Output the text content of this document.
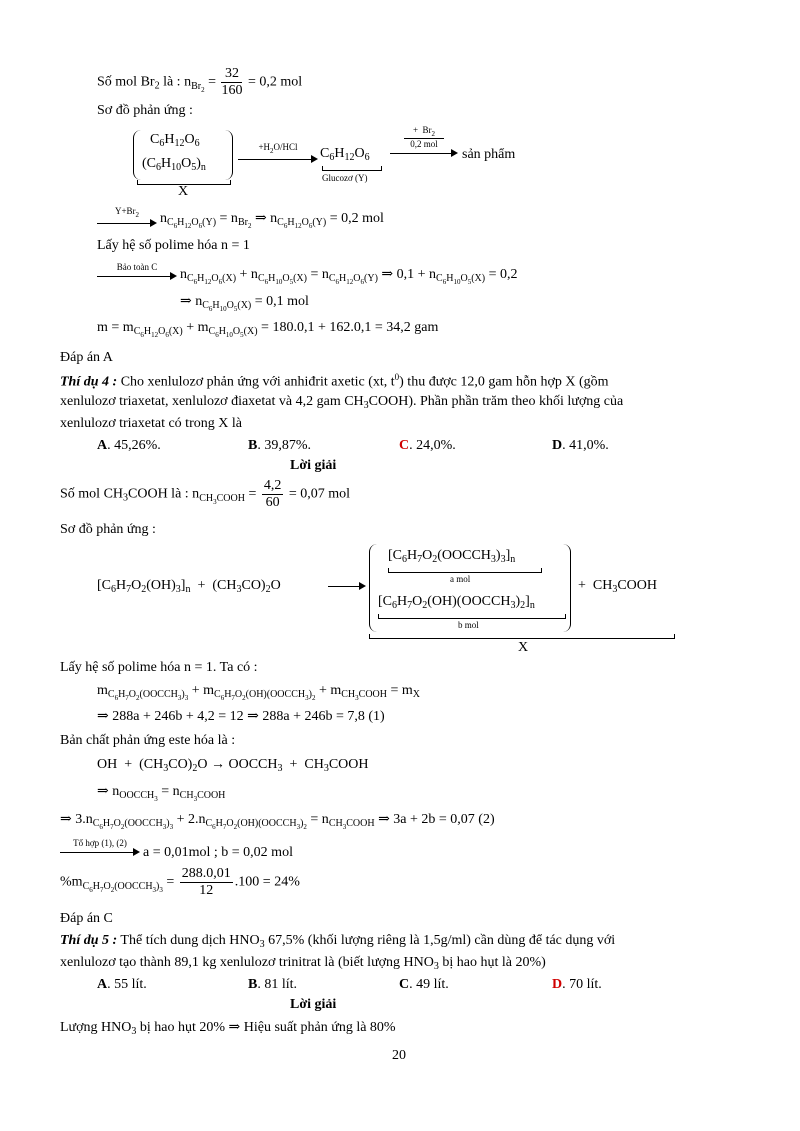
Số mol $Br_2$ là : $n_{Br_2} = \frac{32}{160} = 0,2$ mol
Sơ đồ phản ứng :
$C_6H_{12}O_6$
$(C_6H_{10}O_5)_n$
X
$+H_2O$/HCl	$C_6H_{12}O_6$
Glucozơ (Y)
+  $Br_2$
0,2 mol
sản phẩm
$Y+Br_2$	$n_{C_6H_{12}O_6(Y)} = n_{Br_2}$ ⇒ $n_{C_6H_{12}O_6(Y)} = 0,2$ mol
Lấy hệ số polime hóa n = 1
Bảo toàn C	$n_{C_6H_{12}O_6(X)} + n_{C_6H_{10}O_5(X)} = n_{C_6H_{12}O_6(Y)}$ ⇒ $0,1 + n_{C_6H_{10}O_5(X)} = 0,2$
⇒ $n_{C_6H_{10}O_5(X)} = 0,1$ mol
$m = m_{C_6H_{12}O_6(X)} + m_{C_6H_{10}O_5(X)} = 180.0,1 + 162.0,1 = 34,2$ gam
Đáp án A
Thí dụ 4 : Cho xenlulozơ phản ứng với anhiđrit axetic (xt, $t^0$) thu được 12,0 gam hỗn hợp X (gồm
xenlulozơ triaxetat, xenlulozơ điaxetat và 4,2 gam $CH_3COOH$). Phần phần trăm theo khối lượng của
xenlulozơ triaxetat có trong X là
A. 45,26%.	B. 39,87%.	C. 24,0%.	D. 41,0%.
Lời giải
Số mol $CH_3COOH$ là : $n_{CH_3COOH} = \frac{4,2}{60} = 0,07$ mol
Sơ đồ phản ứng :
$[C_6H_7O_2(OH)_3]_n + (CH_3CO)_2O$
$[C_6H_7O_2(OOCCH_3)_3]_n$
a mol
$[C_6H_7O_2(OH)(OOCCH_3)_2]_n$
b mol
+  $CH_3COOH$
X
Lấy hệ số polime hóa n = 1. Ta có :
$m_{C_6H_7O_2(OOCCH_3)_3} + m_{C_6H_7O_2(OH)(OOCCH_3)_2} + m_{CH_3COOH} = m_X$
⇒ 288a + 246b + 4,2 = 12 ⇒ 288a + 246b = 7,8 (1)
Bản chất phản ứng este hóa là :
OH  +  $(CH_3CO)_2O$ → $OOCCH_3$  +  $CH_3COOH$
⇒ $n_{OOCCH_3} = n_{CH_3COOH}$
⇒ $3.n_{C_6H_7O_2(OOCCH_3)_3} + 2.n_{C_6H_7O_2(OH)(OOCCH_3)_2} = n_{CH_3COOH}$ ⇒ 3a + 2b = 0,07 (2)
Tổ hợp (1), (2)
a = 0,01mol ; b = 0,02 mol
$\%m_{C_6H_7O_2(OOCCH_3)_3} = \frac{288.0,01}{12} .100 = 24\%$
Đáp án C
Thí dụ 5 : Thể tích dung dịch $HNO_3$ 67,5% (khối lượng riêng là 1,5g/ml) cần dùng để tác dụng với
xenlulozơ tạo thành 89,1 kg xenlulozơ trinitrat là (biết lượng $HNO_3$ bị hao hụt là 20%)
A. 55 lít.	B. 81 lít.	C. 49 lít.	D. 70 lít.
Lời giải
Lượng $HNO_3$ bị hao hụt 20% ⇒ Hiệu suất phản ứng là 80%
20
